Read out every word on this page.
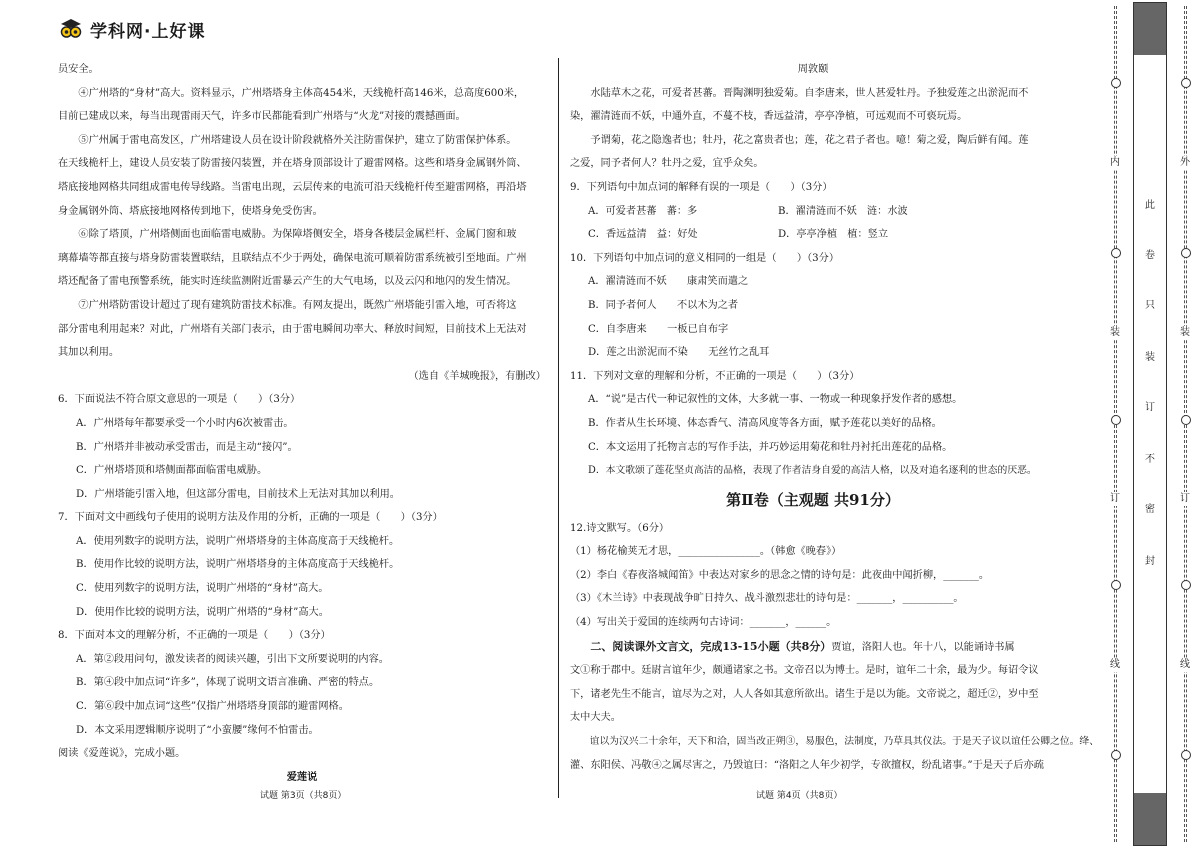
学科网·上好课

员安全。

④广州塔的“身材”高大。资料显示，广州塔塔身主体高454米，天线桅杆高146米，总高度600米，

目前已建成以来，每当出现雷雨天气，许多市民都能看到广州塔与“火龙”对接的震撼画面。

⑤广州属于雷电高发区，广州塔建设人员在设计阶段就格外关注防雷保护，建立了防雷保护体系。

在天线桅杆上，建设人员安装了防雷接闪装置，并在塔身顶部设计了避雷网格。这些和塔身金属钢外筒、

塔底接地网格共同组成雷电传导线路。当雷电出现，云层传来的电流可沿天线桅杆传至避雷网格，再沿塔

身金属钢外筒、塔底接地网格传到地下，使塔身免受伤害。

⑥除了塔顶，广州塔侧面也面临雷电威胁。为保障塔侧安全，塔身各楼层金属栏杆、金属门窗和玻

璃幕墙等都直接与塔身防雷装置联结，且联结点不少于两处，确保电流可顺着防雷系统被引至地面。广州

塔还配备了雷电预警系统，能实时连续监测附近雷暴云产生的大气电场，以及云闪和地闪的发生情况。

⑦广州塔防雷设计超过了现有建筑防雷技术标准。有网友提出，既然广州塔能引雷入地，可否将这

部分雷电利用起来？对此，广州塔有关部门表示，由于雷电瞬间功率大、释放时间短，目前技术上无法对

其加以利用。

（选自《羊城晚报》，有删改）

6．下面说法不符合原文意思的一项是（　　）（3分）

A．广州塔每年都要承受一个小时内6次被雷击。

B．广州塔并非被动承受雷击，而是主动“接闪”。

C．广州塔塔顶和塔侧面都面临雷电威胁。

D．广州塔能引雷入地，但这部分雷电，目前技术上无法对其加以利用。

7．下面对文中画线句子使用的说明方法及作用的分析，正确的一项是（　　）（3分）

A．使用列数字的说明方法，说明广州塔塔身的主体高度高于天线桅杆。

B．使用作比较的说明方法，说明广州塔塔身的主体高度高于天线桅杆。

C．使用列数字的说明方法，说明广州塔的“身材”高大。

D．使用作比较的说明方法，说明广州塔的“身材”高大。

8．下面对本文的理解分析，不正确的一项是（　　）（3分）

A．第②段用问句，激发读者的阅读兴趣，引出下文所要说明的内容。

B．第④段中加点词“许多”，体现了说明文语言准确、严密的特点。

C．第⑥段中加点词“这些”仅指广州塔塔身顶部的避雷网格。

D．本文采用逻辑顺序说明了“小蛮腰”缘何不怕雷击。

阅读《爱莲说》，完成小题。

爱莲说

周敦颐

水陆草木之花，可爱者甚蕃。晋陶渊明独爱菊。自李唐来，世人甚爱牡丹。予独爱莲之出淤泥而不

染，濯清涟而不妖，中通外直，不蔓不枝，香远益清，亭亭净植，可远观而不可亵玩焉。

予谓菊，花之隐逸者也；牡丹，花之富贵者也；莲，花之君子者也。噫！菊之爱，陶后鲜有闻。莲

之爱，同予者何人？牡丹之爱，宜乎众矣。

9．下列语句中加点词的解释有误的一项是（　　）（3分）

A．可爱者甚蕃　蕃：多	B．濯清涟而不妖　涟：水波
C．香远益清　益：好处	D．亭亭净植　植：竖立

10．下列语句中加点词的意义相同的一组是（　　）（3分）

A．濯清涟而不妖　　康肃笑而遣之

B．同予者何人　　不以木为之者

C．自李唐来　　一板已自布字

D．莲之出淤泥而不染　　无丝竹之乱耳

11．下列对文章的理解和分析，不正确的一项是（　　）（3分）

A．“说”是古代一种记叙性的文体，大多就一事、一物或一种现象抒发作者的感想。

B．作者从生长环境、体态香气、清高风度等各方面，赋予莲花以美好的品格。

C．本文运用了托物言志的写作手法，并巧妙运用菊花和牡丹衬托出莲花的品格。

D．本文歌颂了莲花坚贞高洁的品格，表现了作者洁身自爱的高洁人格，以及对追名逐利的世态的厌恶。

第Ⅱ卷（主观题 共91分）

12.诗文默写。（6分）

（1）杨花榆荚无才思，________________。（韩愈《晚春》）

（2）李白《春夜洛城闻笛》中表达对家乡的思念之情的诗句是：此夜曲中闻折柳，_______。

（3）《木兰诗》中表现战争旷日持久、战斗激烈悲壮的诗句是：_______，__________。

（4）写出关于爱国的连续两句古诗词：_______，______。

二、阅读课外文言文，完成13-15小题（共8分）贾谊，洛阳人也。年十八，以能诵诗书属

文①称于郡中。廷尉言谊年少，颇通诸家之书。文帝召以为博士。是时，谊年二十余，最为少。每诏令议

下，诸老先生不能言，谊尽为之对，人人各如其意所欲出。诸生于是以为能。文帝说之，超迁②，岁中至

太中大夫。

谊以为汉兴二十余年，天下和洽，固当改正朔③，易服色，法制度，乃草具其仪法。于是天子议以谊任公卿之位。绛、

灌、东阳侯、冯敬④之属尽害之，乃毁谊曰：“洛阳之人年少初学，专欲擅权，纷乱诸事。”于是天子后亦疏

试题 第3页（共8页）	试题 第4页（共8页）
内
装
订
线
外
装
订
线
此
卷
只
装
订
不
密
封
